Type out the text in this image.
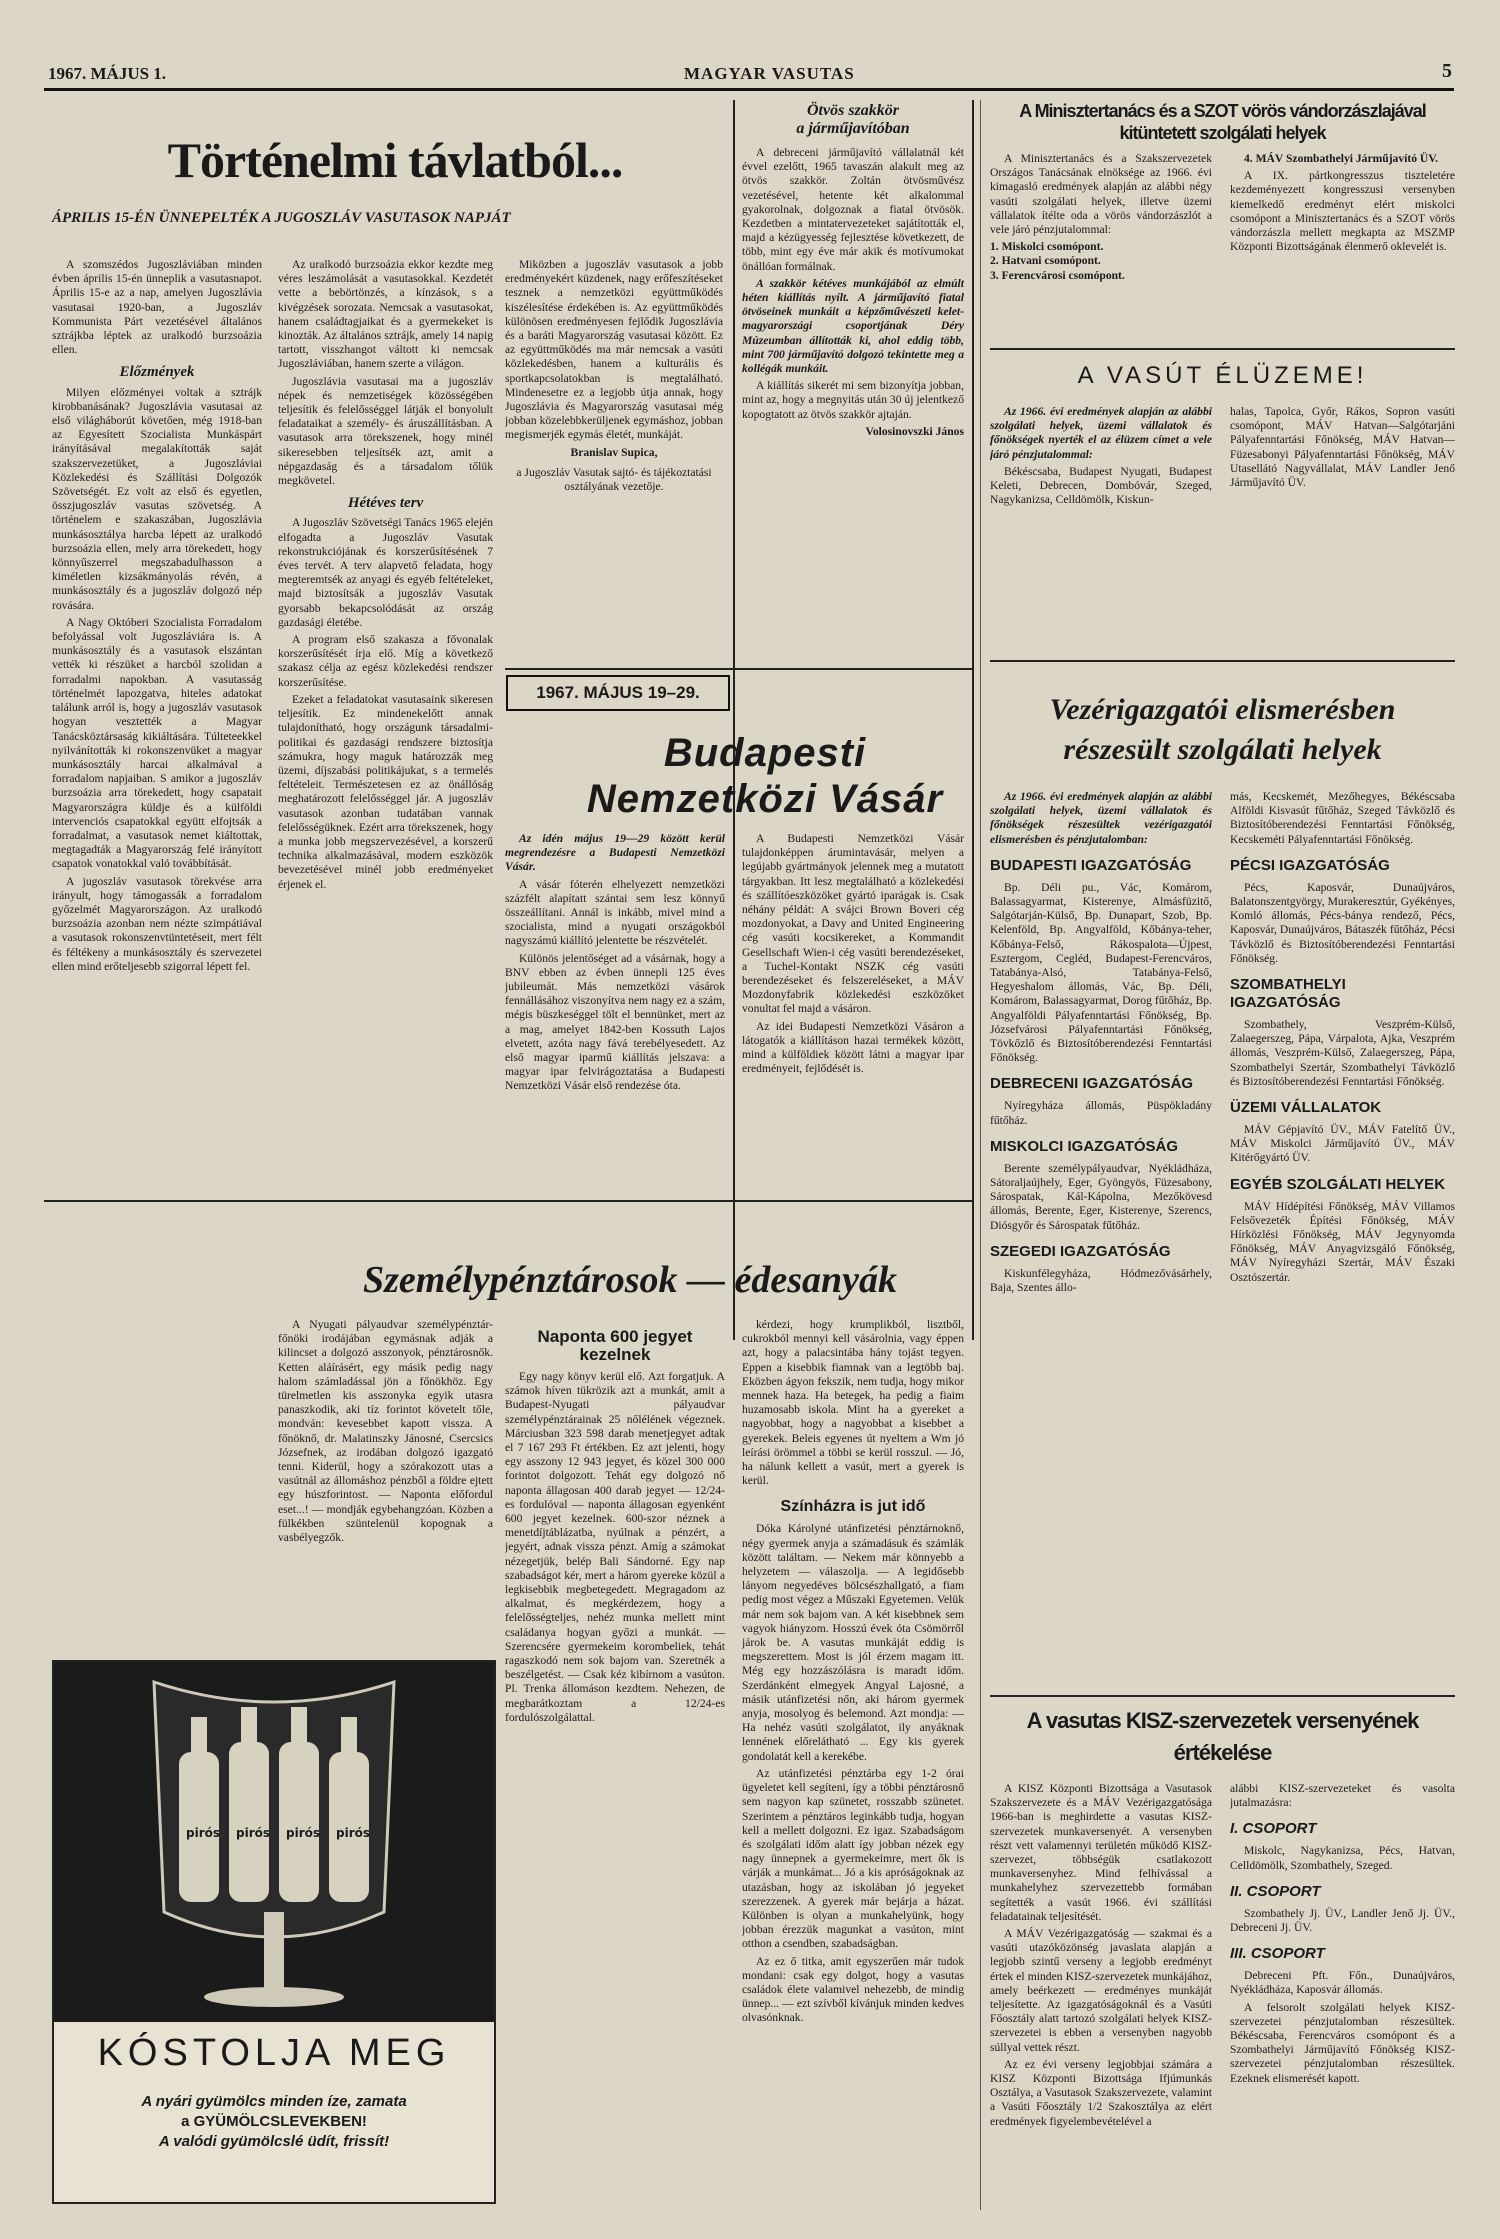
1967. MÁJUS 1.	MAGYAR VASUTAS	5
Történelmi távlatból...
ÁPRILIS 15-ÉN ÜNNEPELTÉK A JUGOSZLÁV VASUTASOK NAPJÁT

A szomszédos Jugoszláviában minden évben április 15-én ünneplik a vasutasnapot. Április 15-e az a nap, amelyen Jugoszlávia vasutasai 1920-ban, a Jugoszláv Kommunista Párt vezetésével általános sztrájkba léptek az uralkodó burzsoázia ellen.

Előzmények

Milyen előzményei voltak a sztrájk kirobbanásának? Jugoszlávia vasutasai az első világháborút követően, még 1918-ban az Egyesített Szocialista Munkáspárt irányításával megalakították saját szakszervezetüket, a Jugoszláviai Közlekedési és Szállítási Dolgozók Szövetségét. Ez volt az első és egyetlen, összjugoszláv vasutas szövetség. A történelem e szakaszában, Jugoszlávia munkásosztálya harcba lépett az uralkodó burzsoázia ellen, mely arra törekedett, hogy könnyűszerrel megszabadulhasson a kiméletlen kizsákmányolás révén, a munkásosztály és a jugoszláv dolgozó nép rovására.

A Nagy Októberi Szocialista Forradalom befolyással volt Jugoszláviára is. A munkásosztály és a vasutasok elszántan vették ki részüket a harcból szolidan a forradalmi napokban. A vasutasság történelmét lapozgatva, hiteles adatokat találunk arról is, hogy a jugoszláv vasutasok hogyan vesztették a Magyar Tanácsköztársaság kikiáltására. Túlteteekkel nyilvánították ki rokonszenvüket a magyar munkásosztály harcai alkalmával a forradalom napjaiban. S amikor a jugoszláv burzsoázia arra törekedett, hogy csapatait Magyarországra küldje és a külföldi intervenciós csapatokkal együtt elfojtsák a forradalmat, a vasutasok nemet kiáltottak, megtagadták a Magyarország felé irányított csapatok vonatokkal való továbbítását.

A jugoszláv vasutasok törekvése arra irányult, hogy támogassák a forradalom győzelmét Magyarországon. Az uralkodó burzsoázia azonban nem nézte szimpátiával a vasutasok rokonszenvtüntetéseit, mert félt és féltékeny a munkásosztály és szervezetei ellen mind erőteljesebb szigorral lépett fel.

Az uralkodó burzsoázia ekkor kezdte meg véres leszámolását a vasutasokkal. Kezdetét vette a bebörtönzés, a kínzások, s a kivégzések sorozata. Nemcsak a vasutasokat, hanem családtagjaikat és a gyermekeket is kinozták. Az általános sztrájk, amely 14 napig tartott, visszhangot váltott ki nemcsak Jugoszláviában, hanem szerte a világon.

Jugoszlávia vasutasai ma a jugoszláv népek és nemzetiségek közösségében teljesítik és felelősséggel látják el bonyolult feladataikat a személy- és áruszállításban. A vasutasok arra törekszenek, hogy minél sikeresebben teljesítsék azt, amit a népgazdaság és a társadalom tőlük megkövetel.

Hétéves terv

A Jugoszláv Szövetségi Tanács 1965 elején elfogadta a Jugoszláv Vasutak rekonstrukciójának és korszerűsítésének 7 éves tervét. A terv alapvető feladata, hogy megteremtsék az anyagi és egyéb feltételeket, majd biztosítsák a jugoszláv Vasutak gyorsabb bekapcsolódását az ország gazdasági életébe.

A program első szakasza a fővonalak korszerűsítését írja elő. Míg a következő szakasz célja az egész közlekedési rendszer korszerűsítése.

Ezeket a feladatokat vasutasaink sikeresen teljesítik. Ez mindenekelőtt annak tulajdonítható, hogy országunk társadalmi-politikai és gazdasági rendszere biztosítja számukra, hogy maguk határozzák meg üzemi, díjszabási politikájukat, s a termelés feltételeit. Természetesen ez az önállóság meghatározott felelősséggel jár. A jugoszláv vasutasok azonban tudatában vannak felelősségüknek. Ezért arra törekszenek, hogy a munka jobb megszervezésével, a korszerű technika alkalmazásával, modern eszközök bevezetésével minél jobb eredményeket érjenek el.

Miközben a jugoszláv vasutasok a jobb eredményekért küzdenek, nagy erőfeszítéseket tesznek a nemzetközi együttműködés kiszélesítése érdekében is. Az együttműködés különösen eredményesen fejlődik Jugoszlávia és a baráti Magyarország vasutasai között. Ez az együttműködés ma már nemcsak a vasúti közlekedésben, hanem a kulturális és sportkapcsolatokban is megtalálható. Mindenesetre ez a legjobb útja annak, hogy Jugoszlávia és Magyarország vasutasai még jobban közelebbkerüljenek egymáshoz, jobban megismerjék egymás életét, munkáját.

Branislav Supica,

a Jugoszláv Vasutak sajtó- és tájékoztatási osztályának vezetője.

Ötvös szakkör
a járműjavítóban

A debreceni járműjavító vállalatnál két évvel ezelőtt, 1965 tavaszán alakult meg az ötvös szakkör. Zoltán ötvösművész vezetésével, hetente két alkalommal gyakorolnak, dolgoznak a fiatal ötvösök. Kezdetben a mintatervezeteket sajátították el, majd a kézügyesség fejlesztése következett, de több, mint egy éve már akik és motívumokat önállóan formálnak.

A szakkör kétéves munkájából az elmúlt héten kiállítás nyílt. A járműjavító fiatal ötvöseinek munkáit a képzőművészeti kelet-magyarországi csoportjának Déry Múzeumban állították ki, ahol eddig több, mint 700 járműjavító dolgozó tekintette meg a kollégák munkáit.

A kiállítás sikerét mi sem bizonyítja jobban, mint az, hogy a megnyitás után 30 új jelentkező kopogtatott az ötvös szakkör ajtaján.

Volosinovszki János
1967. MÁJUS 19–29.
Budapesti
Nemzetközi Vásár

Az idén május 19—29 között kerül megrendezésre a Budapesti Nemzetközi Vásár.

A vásár fóterén elhelyezett nemzetközi százfélt alapítatt szántai sem lesz könnyű összeállítani. Annál is inkább, mivel mind a szocialista, mind a nyugati országokból nagyszámú kiállító jelentette be részvételét.

Különös jelentőséget ad a vásárnak, hogy a BNV ebben az évben ünnepli 125 éves jubileumát. Más nemzetközi vásárok fennállásához viszonyítva nem nagy ez a szám, mégis büszkeséggel tölt el bennünket, mert az a mag, amelyet 1842-ben Kossuth Lajos elvetett, azóta nagy fává terebélyesedett. Az első magyar iparmű kiállítás jelszava: a magyar ipar felvirágoztatása a Budapesti Nemzetközi Vásár első rendezése óta.

A Budapesti Nemzetközi Vásár tulajdonképpen árumintavásár, melyen a legújabb gyártmányok jelennek meg a mutatott tárgyakban. Itt lesz megtalálható a közlekedési és szállítóeszközöket gyártó iparágak is. Csak néhány példát: A svájci Brown Boveri cég mozdonyokat, a Davy and United Engineering cég vasúti kocsikereket, a Kommandit Gesellschaft Wien-i cég vasúti berendezéseket, a Tuchel-Kontakt NSZK cég vasúti berendezéseket és felszereléseket, a MÁV Mozdonyfabrik közlekedési eszközöket vonultat fel majd a vásáron.

Az idei Budapesti Nemzetközi Vásáron a látogatók a kiállításon hazai termékek között, mind a külföldiek között látni a magyar ipar eredményeit, fejlődését is.

Személypénztárosok — édesanyák

A Nyugati pályaudvar személypénztár-főnöki irodájában egymásnak adják a kilincset a dolgozó asszonyok, pénztárosnők. Ketten aláírásért, egy másik pedig nagy halom számladással jön a főnökhöz. Egy türelmetlen kis asszonyka egyik utasra panaszkodik, aki tíz forintot követelt tőle, mondván: kevesebbet kapott vissza. A főnöknő, dr. Malatinszky Jánosné, Csercsics Józsefnek, az irodában dolgozó igazgató tenni. Kiderül, hogy a szórakozott utas a vasútnál az állomáshoz pénzből a földre ejtett egy húszforintost. — Naponta előfordul eset...! — mondják egybehangzóan. Közben a fülkékben szüntelenül kopognak a vasbélyegzők.

Naponta 600 jegyet kezelnek

Egy nagy könyv kerül elő. Azt forgatjuk. A számok híven tükrözik azt a munkát, amit a Budapest-Nyugati pályaudvar személypénztárainak 25 nőlélének végeznek. Márciusban 323 598 darab menetjegyet adtak el 7 167 293 Ft értékben. Ez azt jelenti, hogy egy asszony 12 943 jegyet, és közel 300 000 forintot dolgozott. Tehát egy dolgozó nő naponta állagosan 400 darab jegyet — 12/24-es fordulóval — naponta állagosan egyenként 600 jegyet kezelnek. 600-szor néznek a menetdíjtáblázatba, nyúlnak a pénzért, a jegyért, adnak vissza pénzt. Amíg a számokat nézegetjük, belép Bali Sándorné. Egy nap szabadságot kér, mert a három gyereke közül a legkisebbik megbetegedett. Megragadom az alkalmat, és megkérdezem, hogy a felelősségteljes, nehéz munka mellett mint családanya hogyan győzi a munkát. — Szerencsére gyermekeim korombeliek, tehát ragaszkodó nem sok bajom van. Szeretnék a beszélgetést. — Csak kéz kibírnom a vasúton. Pl. Trenka állomáson kezdtem. Nehezen, de megbarátkoztam a 12/24-es fordulószolgálattal.

kérdezi, hogy krumplikból, lisztből, cukrokból mennyi kell vásárolnia, vagy éppen azt, hogy a palacsintába hány tojást tegyen. Eppen a kisebbik fiamnak van a legtöbb baj. Eközben ágyon fekszik, nem tudja, hogy mikor mennek haza. Ha betegek, ha pedig a fiaim huzamosabb iskola. Mint ha a gyereket a nagyobbat, hogy a nagyobbat a kisebbet a gyerekek. Beleis egyenes út nyeltem a Wm jó leírási örömmel a többi se kerül rosszul. — Jó, ha nálunk kellett a vasút, mert a gyerek is kerül.

Színházra is jut idő

Dóka Károlyné utánfizetési pénztárnoknő, négy gyermek anyja a számadásuk és számlák között találtam. — Nekem már könnyebb a helyzetem — válaszolja. — A legidősebb lányom negyedéves bölcsészhallgató, a fiam pedig most végez a Műszaki Egyetemen. Velük már nem sok bajom van. A két kisebbnek sem vagyok hiányzom. Hosszú évek óta Csömörről járok be. A vasutas munkáját eddig is megszerettem. Most is jól érzem magam itt. Még egy hozzászólásra is maradt időm. Szerdánként elmegyek Angyal Lajosné, a másik utánfizetési nőn, aki három gyermek anyja, mosolyog és belemond. Azt mondja: — Ha nehéz vasúti szolgálatot, ily anyáknak lennének előrelátható ... Egy kis gyerek gondolatát kell a kerekébe.

Az utánfizetési pénztárba egy 1-2 órai ügyeletet kell segíteni, így a többi pénztárosnő sem nagyon kap szünetet, rosszabb szünetet. Szerintem a pénztáros leginkább tudja, hogyan kell a mellett dolgozni. Ez igaz. Szabadságom és szolgálati időm alatt így jobban nézek egy nagy ünnepnek a gyermekeimre, mert ők is várják a munkámat... Jó a kis apróságoknak az utazásban, hogy az iskolában jó jegyeket szerezzenek. A gyerek már bejárja a házat. Különben is olyan a munkahelyünk, hogy jobban érezzük magunkat a vasúton, mint otthon a csendben, szabadságban.

Az ez ő titka, amit egyszerűen már tudok mondani: csak egy dolgot, hogy a vasutas családok élete valamivel nehezebb, de mindig ünnep... — ezt szívből kívánjuk minden kedves olvasónknak.

pirós pirós pirós pirós
KÓSTOLJA MEG
A nyári gyümölcs minden íze, zamata
a GYÜMÖLCSLEVEKBEN!
A valódi gyümölcslé üdít, frissít!
A Minisztertanács és a SZOT vörös vándorzászlajával
kitüntetett szolgálati helyek

A Minisztertanács és a Szakszervezetek Országos Tanácsának elnöksége az 1966. évi kimagasló eredmények alapján az alábbi négy vasúti szolgálati helyek, illetve üzemi vállalatok ítélte oda a vörös vándorzászlót a vele járó pénzjutalommal:

1. Miskolci csomópont.
2. Hatvani csomópont.
3. Ferencvárosi csomópont.

4. MÁV Szombathelyi Járműjavító ÜV.

A IX. pártkongresszus tiszteletére kezdeményezett kongresszusi versenyben kiemelkedő eredményt elért miskolci csomópont a Minisztertanács és a SZOT vörös vándorzászla mellett megkapta az MSZMP Központi Bizottságának élenmerő oklevelét is.

A VASÚT ÉLÜZEME!

Az 1966. évi eredmények alapján az alábbi szolgálati helyek, üzemi vállalatok és főnökségek nyerték el az élüzem címet a vele járó pénzjutalommal:

Békéscsaba, Budapest Nyugati, Budapest Keleti, Debrecen, Dombóvár, Szeged, Nagykanizsa, Celldömölk, Kiskun-

halas, Tapolca, Győr, Rákos, Sopron vasúti csomópont, MÁV Hatvan—Salgótarjáni Pályafenntartási Főnökség, MÁV Hatvan—Füzesabonyi Pályafenntartási Főnökség, MÁV Utasellátó Nagyvállalat, MÁV Landler Jenő Járműjavító ÜV.

Vezérigazgatói elismerésben
részesült szolgálati helyek

Az 1966. évi eredmények alapján az alábbi szolgálati helyek, üzemi vállalatok és főnökségek részesültek vezérigazgatói elismerésben és pénzjutalomban:

BUDAPESTI IGAZGATÓSÁG

Bp. Déli pu., Vác, Komárom, Balassagyarmat, Kisterenye, Almásfüzitő, Salgótarján-Külső, Bp. Dunapart, Szob, Bp. Kelenföld, Bp. Angyalföld, Kőbánya-teher, Kőbánya-Felső, Rákospalota—Újpest, Esztergom, Cegléd, Budapest-Ferencváros, Tatabánya-Alsó, Tatabánya-Felső, Hegyeshalom állomás, Vác, Bp. Déli, Komárom, Balassagyarmat, Dorog fűtőház, Bp. Angyalföldi Pályafenntartási Főnökség, Bp. Józsefvárosi Pályafenntartási Főnökség, Tövkőzlő és Biztosítóberendezési Fenntartási Főnökség.

DEBRECENI IGAZGATÓSÁG

Nyíregyháza állomás, Püspökladány fűtőház.

MISKOLCI IGAZGATÓSÁG

Berente személypályaudvar, Nyékládháza, Sátoraljaújhely, Eger, Gyöngyös, Füzesabony, Sárospatak, Kál-Kápolna, Mezőkövesd állomás, Berente, Eger, Kisterenye, Szerencs, Diósgyőr és Sárospatak fűtőház.

SZEGEDI IGAZGATÓSÁG

Kiskunfélegyháza, Hódmezővásárhely, Baja, Szentes állo-

más, Kecskemét, Mezőhegyes, Békéscsaba Alföldi Kisvasút fűtőház, Szeged Távközlő és Biztosítóberendezési Fenntartási Főnökség, Kecskeméti Pályafenntartási Főnökség.

PÉCSI IGAZGATÓSÁG

Pécs, Kaposvár, Dunaújváros, Balatonszentgyörgy, Murakeresztúr, Gyékényes, Komló állomás, Pécs-bánya rendező, Pécs, Kaposvár, Dunaújváros, Bátaszék fűtőház, Pécsi Távközlő és Biztosítóberendezési Fenntartási Főnökség.

SZOMBATHELYI IGAZGATÓSÁG

Szombathely, Veszprém-Külső, Zalaegerszeg, Pápa, Várpalota, Ajka, Veszprém állomás, Veszprém-Külső, Zalaegerszeg, Pápa, Szombathelyi Szertár, Szombathelyi Távközlő és Biztosítóberendezési Fenntartási Főnökség.

ÜZEMI VÁLLALATOK

MÁV Gépjavító ÜV., MÁV Fatelítő ÜV., MÁV Miskolci Járműjavító ÜV., MÁV Kitérőgyártó ÜV.

EGYÉB SZOLGÁLATI HELYEK

MÁV Hídépítési Főnökség, MÁV Villamos Felsővezeték Építési Főnökség, MÁV Hírközlési Főnökség, MÁV Jegynyomda Főnökség, MÁV Anyagvizsgáló Főnökség, MÁV Nyíregyházi Szertár, MÁV Északi Osztószertár.

A vasutas KISZ-szervezetek versenyének
értékelése

A KISZ Központi Bizottsága a Vasutasok Szakszervezete és a MÁV Vezérigazgatósága 1966-ban is meghirdette a vasutas KISZ-szervezetek munkaversenyét. A versenyben részt vett valamennyi területén működő KISZ-szervezet, többségük csatlakozott munkaversenyhez. Mind felhívással a munkahelyhez szervezettebb formában segítették a vasút 1966. évi szállítási feladatainak teljesítését.

A MÁV Vezérigazgatóság — szakmai és a vasúti utazóközönség javaslata alapján a legjobb szintű verseny a legjobb eredményt értek el minden KISZ-szervezetek munkájához, amely beérkezett — eredményes munkáját teljesítette. Az igazgatóságoknál és a Vasúti Főosztály alatt tartozó szolgálati helyek KISZ-szervezetei is ebben a versenyben nagyobb súllyal vettek részt.

Az ez évi verseny legjobbjai számára a KISZ Központi Bizottsága Ifjúmunkás Osztálya, a Vasutasok Szakszervezete, valamint a Vasúti Főosztály 1/2 Szakosztálya az elért eredmények figyelembevételével a

alábbi KISZ-szervezeteket és vasolta jutalmazásra:

I. CSOPORT

Miskolc, Nagykanizsa, Pécs, Hatvan, Celldömölk, Szombathely, Szeged.

II. CSOPORT

Szombathely Jj. ÜV., Landler Jenő Jj. ÜV., Debreceni Jj. ÜV.

III. CSOPORT

Debreceni Pft. Főn., Dunaújváros, Nyékládháza, Kaposvár állomás.

A felsorolt szolgálati helyek KISZ-szervezetei pénzjutalomban részesültek. Békéscsaba, Ferencváros csomópont és a Szombathelyi Járműjavító Főnökség KISZ-szervezetei pénzjutalomban részesültek. Ezeknek elismerését kapott.
